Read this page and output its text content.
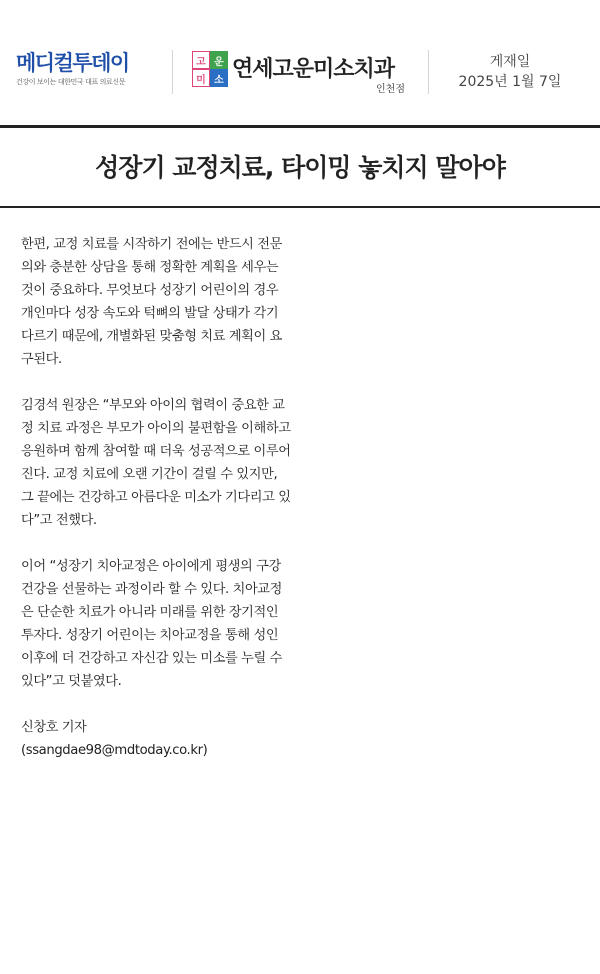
메디컬투데이
건강이 보이는 대한민국 대표 의료신문
고 운
미 소 연세고운미소치과
인천점
게재일
2025년 1월 7일
성장기 교정치료, 타이밍 놓치지 말아야

한편, 교정 치료를 시작하기 전에는 반드시 전문의와 충분한 상담을 통해 정확한 계획을 세우는 것이 중요하다. 무엇보다 성장기 어린이의 경우 개인마다 성장 속도와 턱뼈의 발달 상태가 각기 다르기 때문에, 개별화된 맞춤형 치료 계획이 요구된다.

김경석 원장은 “부모와 아이의 협력이 중요한 교정 치료 과정은 부모가 아이의 불편함을 이해하고 응원하며 함께 참여할 때 더욱 성공적으로 이루어진다. 교정 치료에 오랜 기간이 걸릴 수 있지만, 그 끝에는 건강하고 아름다운 미소가 기다리고 있다”고 전했다.

이어 “성장기 치아교정은 아이에게 평생의 구강건강을 선물하는 과정이라 할 수 있다. 치아교정은 단순한 치료가 아니라 미래를 위한 장기적인 투자다. 성장기 어린이는 치아교정을 통해 성인 이후에 더 건강하고 자신감 있는 미소를 누릴 수 있다”고 덧붙였다.

신창호 기자
(ssangdae98@mdtoday.co.kr)
